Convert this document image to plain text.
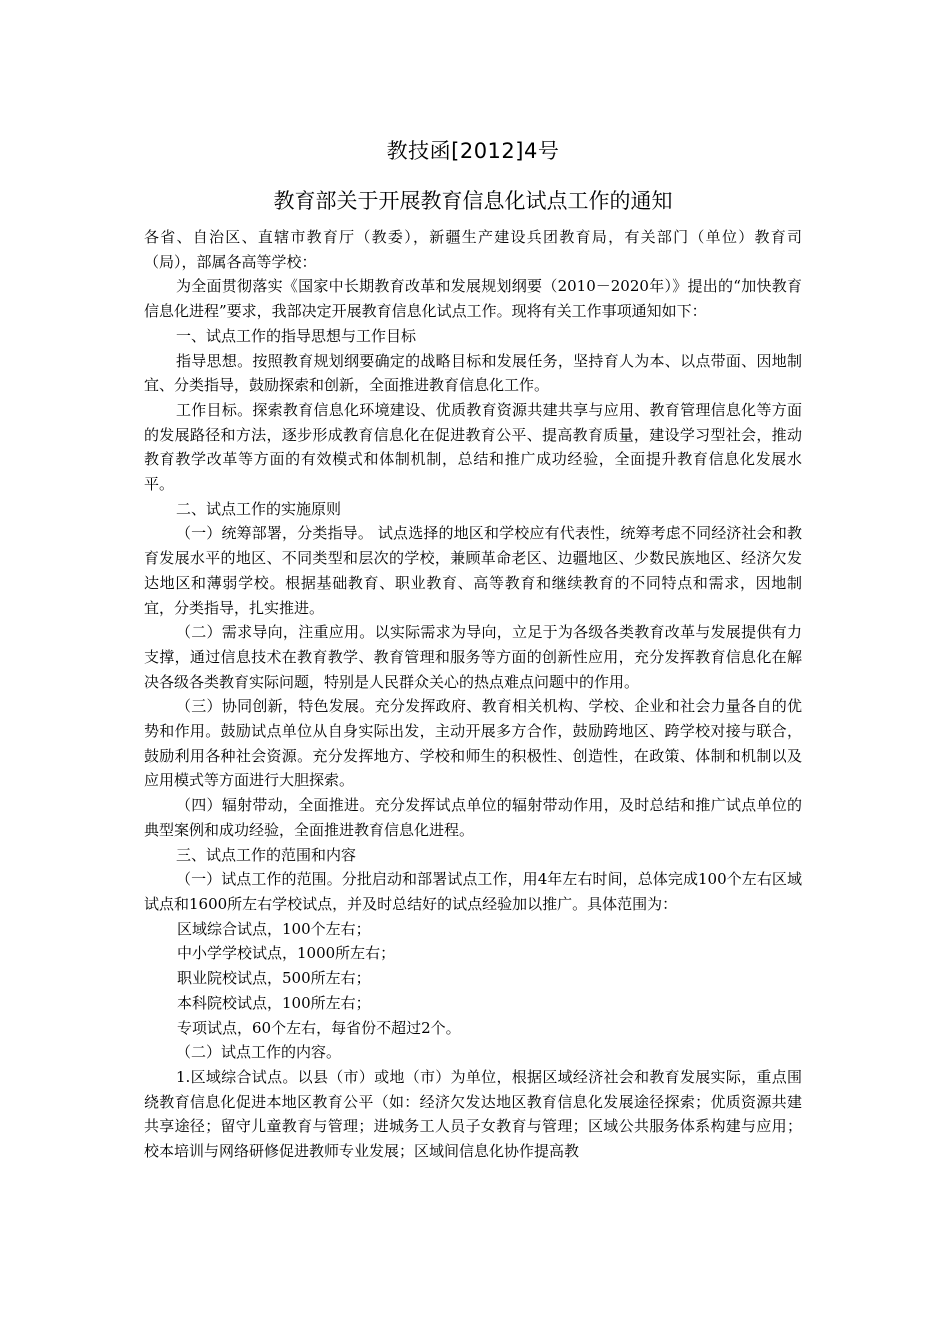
教技函[2012]4号
教育部关于开展教育信息化试点工作的通知

各省、自治区、直辖市教育厅（教委），新疆生产建设兵团教育局，有关部门（单位）教育司（局），部属各高等学校：

为全面贯彻落实《国家中长期教育改革和发展规划纲要（2010－2020年）》提出的“加快教育信息化进程”要求，我部决定开展教育信息化试点工作。现将有关工作事项通知如下：

一、试点工作的指导思想与工作目标

指导思想。按照教育规划纲要确定的战略目标和发展任务，坚持育人为本、以点带面、因地制宜、分类指导，鼓励探索和创新，全面推进教育信息化工作。

工作目标。探索教育信息化环境建设、优质教育资源共建共享与应用、教育管理信息化等方面的发展路径和方法，逐步形成教育信息化在促进教育公平、提高教育质量，建设学习型社会，推动教育教学改革等方面的有效模式和体制机制，总结和推广成功经验，全面提升教育信息化发展水平。

二、试点工作的实施原则

（一）统筹部署，分类指导。 试点选择的地区和学校应有代表性，统筹考虑不同经济社会和教育发展水平的地区、不同类型和层次的学校，兼顾革命老区、边疆地区、少数民族地区、经济欠发达地区和薄弱学校。根据基础教育、职业教育、高等教育和继续教育的不同特点和需求，因地制宜，分类指导，扎实推进。

（二）需求导向，注重应用。以实际需求为导向，立足于为各级各类教育改革与发展提供有力支撑，通过信息技术在教育教学、教育管理和服务等方面的创新性应用，充分发挥教育信息化在解决各级各类教育实际问题，特别是人民群众关心的热点难点问题中的作用。

（三）协同创新，特色发展。充分发挥政府、教育相关机构、学校、企业和社会力量各自的优势和作用。鼓励试点单位从自身实际出发，主动开展多方合作，鼓励跨地区、跨学校对接与联合，鼓励利用各种社会资源。充分发挥地方、学校和师生的积极性、创造性，在政策、体制和机制以及应用模式等方面进行大胆探索。

（四）辐射带动，全面推进。充分发挥试点单位的辐射带动作用，及时总结和推广试点单位的典型案例和成功经验，全面推进教育信息化进程。

三、试点工作的范围和内容

（一）试点工作的范围。分批启动和部署试点工作，用4年左右时间，总体完成100个左右区域试点和1600所左右学校试点，并及时总结好的试点经验加以推广。具体范围为：

区域综合试点，100个左右；

中小学学校试点，1000所左右；

职业院校试点，500所左右；

本科院校试点，100所左右；

专项试点，60个左右，每省份不超过2个。

（二）试点工作的内容。

1.区域综合试点。以县（市）或地（市）为单位，根据区域经济社会和教育发展实际，重点围绕教育信息化促进本地区教育公平（如：经济欠发达地区教育信息化发展途径探索；优质资源共建共享途径；留守儿童教育与管理；进城务工人员子女教育与管理；区域公共服务体系构建与应用；校本培训与网络研修促进教师专业发展；区域间信息化协作提高教
